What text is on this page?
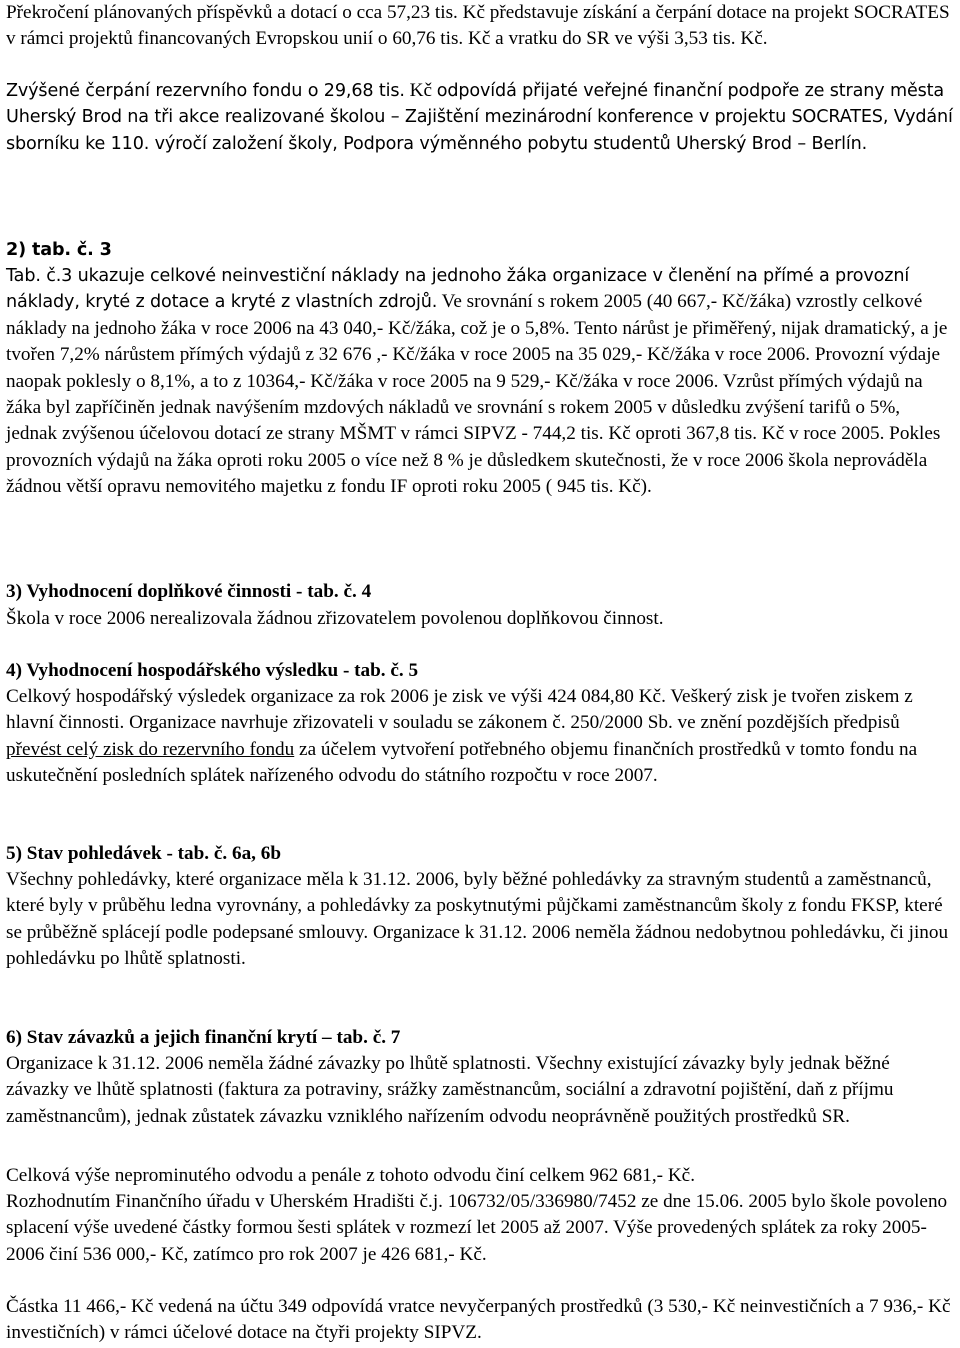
Překročení plánovaných příspěvků a dotací o cca 57,23 tis. Kč představuje získání a čerpání dotace na projekt SOCRATES v rámci projektů financovaných Evropskou unií o 60,76 tis. Kč a vratku do SR ve výši 3,53 tis. Kč.

Zvýšené čerpání rezervního fondu o 29,68 tis. Kč odpovídá přijaté veřejné finanční podpoře ze strany města Uherský Brod na tři akce realizované školou – Zajištění mezinárodní konference v projektu SOCRATES, Vydání sborníku ke 110. výročí založení školy, Podpora výměnného pobytu studentů Uherský Brod – Berlín.

2) tab. č. 3

Tab. č.3 ukazuje celkové neinvestiční náklady na jednoho žáka organizace v členění na přímé a provozní náklady, kryté z dotace a kryté z vlastních zdrojů. Ve srovnání s rokem 2005 (40 667,- Kč/žáka) vzrostly celkové náklady na jednoho žáka v roce 2006 na 43 040,- Kč/žáka, což je o 5,8%. Tento nárůst je přiměřený, nijak dramatický, a je tvořen 7,2% nárůstem přímých výdajů z 32 676 ,- Kč/žáka v roce 2005 na 35 029,- Kč/žáka v roce 2006. Provozní výdaje naopak poklesly o 8,1%, a to z 10364,- Kč/žáka v roce 2005 na 9 529,- Kč/žáka v roce 2006. Vzrůst přímých výdajů na žáka byl zapříčiněn jednak navýšením mzdových nákladů ve srovnání s rokem 2005 v důsledku zvýšení tarifů o 5%, jednak zvýšenou účelovou dotací ze strany MŠMT v rámci SIPVZ - 744,2 tis. Kč oproti 367,8 tis. Kč v roce 2005. Pokles provozních výdajů na žáka oproti roku 2005 o více než 8 % je důsledkem skutečnosti, že v roce 2006 škola neprováděla žádnou větší opravu nemovitého majetku z fondu IF oproti roku 2005 ( 945 tis. Kč).

3) Vyhodnocení doplňkové činnosti - tab. č. 4

Škola v roce 2006 nerealizovala žádnou zřizovatelem povolenou doplňkovou činnost.

4) Vyhodnocení hospodářského výsledku - tab. č. 5

Celkový hospodářský výsledek organizace za rok 2006 je zisk ve výši 424 084,80 Kč. Veškerý zisk je tvořen ziskem z hlavní činnosti. Organizace navrhuje zřizovateli v souladu se zákonem č. 250/2000 Sb. ve znění pozdějších předpisů převést celý zisk do rezervního fondu za účelem vytvoření potřebného objemu finančních prostředků v tomto fondu na uskutečnění posledních splátek nařízeného odvodu do státního rozpočtu v roce 2007.

5) Stav pohledávek - tab. č. 6a, 6b

Všechny pohledávky, které organizace měla k 31.12. 2006, byly běžné pohledávky za stravným studentů a zaměstnanců, které byly v průběhu ledna vyrovnány, a pohledávky za poskytnutými půjčkami zaměstnancům školy z fondu FKSP, které se průběžně splácejí podle podepsané smlouvy. Organizace k 31.12. 2006 neměla žádnou nedobytnou pohledávku, či jinou pohledávku po lhůtě splatnosti.

6) Stav závazků a jejich finanční krytí – tab. č. 7

Organizace k 31.12. 2006 neměla žádné závazky po lhůtě splatnosti. Všechny existující závazky byly jednak běžné závazky ve lhůtě splatnosti (faktura za potraviny, srážky zaměstnancům, sociální a zdravotní pojištění, daň z příjmu zaměstnancům), jednak zůstatek závazku vzniklého nařízením odvodu neoprávněně použitých prostředků SR.

Celková výše neprominutého odvodu a penále z tohoto odvodu činí celkem 962 681,- Kč.

Rozhodnutím Finančního úřadu v Uherském Hradišti č.j. 106732/05/336980/7452 ze dne 15.06. 2005 bylo škole povoleno splacení výše uvedené částky formou šesti splátek v rozmezí let 2005 až 2007. Výše provedených splátek za roky 2005-2006 činí 536 000,- Kč, zatímco pro rok 2007 je 426 681,- Kč.

Částka 11 466,- Kč vedená na účtu 349 odpovídá vratce nevyčerpaných prostředků (3 530,- Kč neinvestičních a 7 936,- Kč investičních) v rámci účelové dotace na čtyři projekty SIPVZ.
